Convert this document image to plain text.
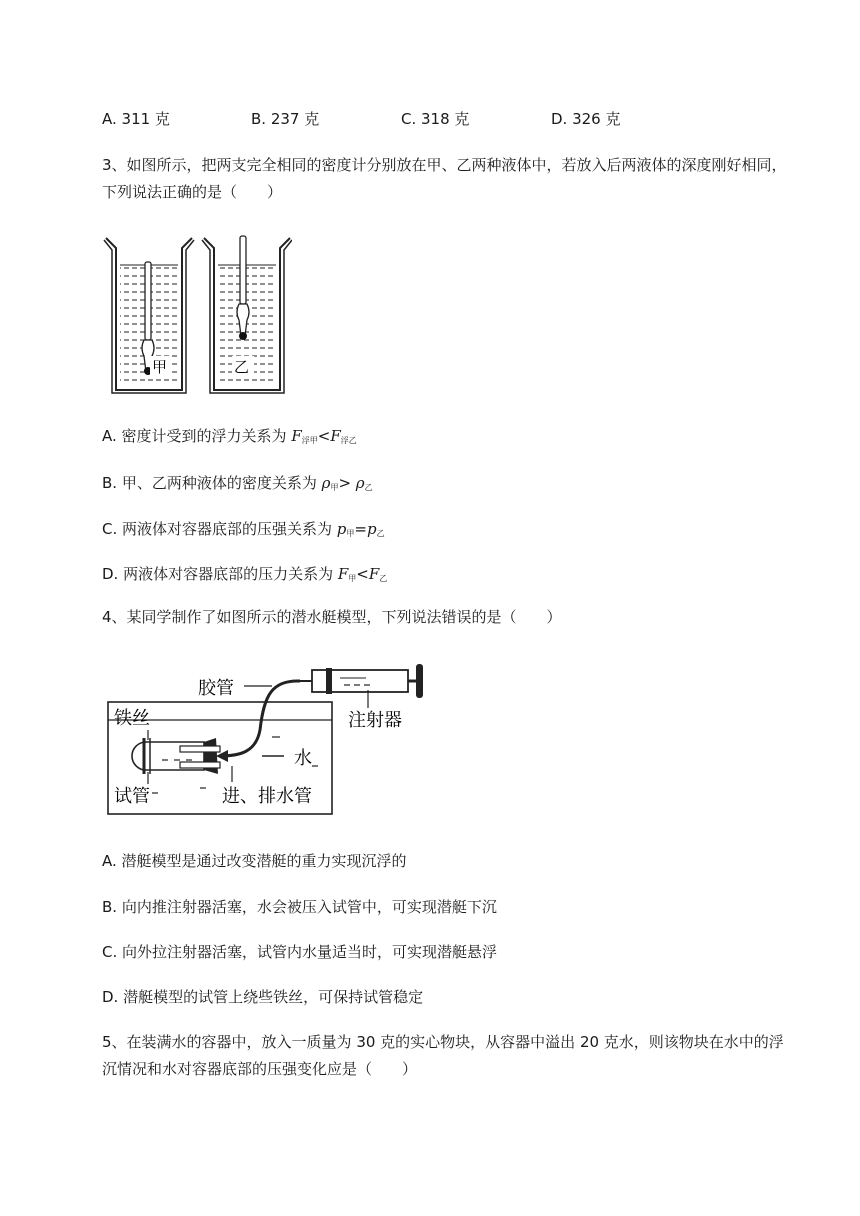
A. 311 克	B. 237 克	C. 318 克	D. 326 克
3、如图所示，把两支完全相同的密度计分别放在甲、乙两种液体中，若放入后两液体的深度刚好相同，
下列说法正确的是（　　）
甲	乙
A. 密度计受到的浮力关系为 $F_{浮甲}<F_{浮乙}$
B. 甲、乙两种液体的密度关系为 $\rho_甲> \rho_乙$
C. 两液体对容器底部的压强关系为 $p_甲=p_乙$
D. 两液体对容器底部的压力关系为 $F_甲<F_乙$
4、某同学制作了如图所示的潜水艇模型，下列说法错误的是（　　）
胶管
注射器
铁丝
水
试管	进、排水管
A. 潜艇模型是通过改变潜艇的重力实现沉浮的
B. 向内推注射器活塞，水会被压入试管中，可实现潜艇下沉
C. 向外拉注射器活塞，试管内水量适当时，可实现潜艇悬浮
D. 潜艇模型的试管上绕些铁丝，可保持试管稳定
5、在装满水的容器中，放入一质量为 30 克的实心物块，从容器中溢出 20 克水，则该物块在水中的浮
沉情况和水对容器底部的压强变化应是（　　）
